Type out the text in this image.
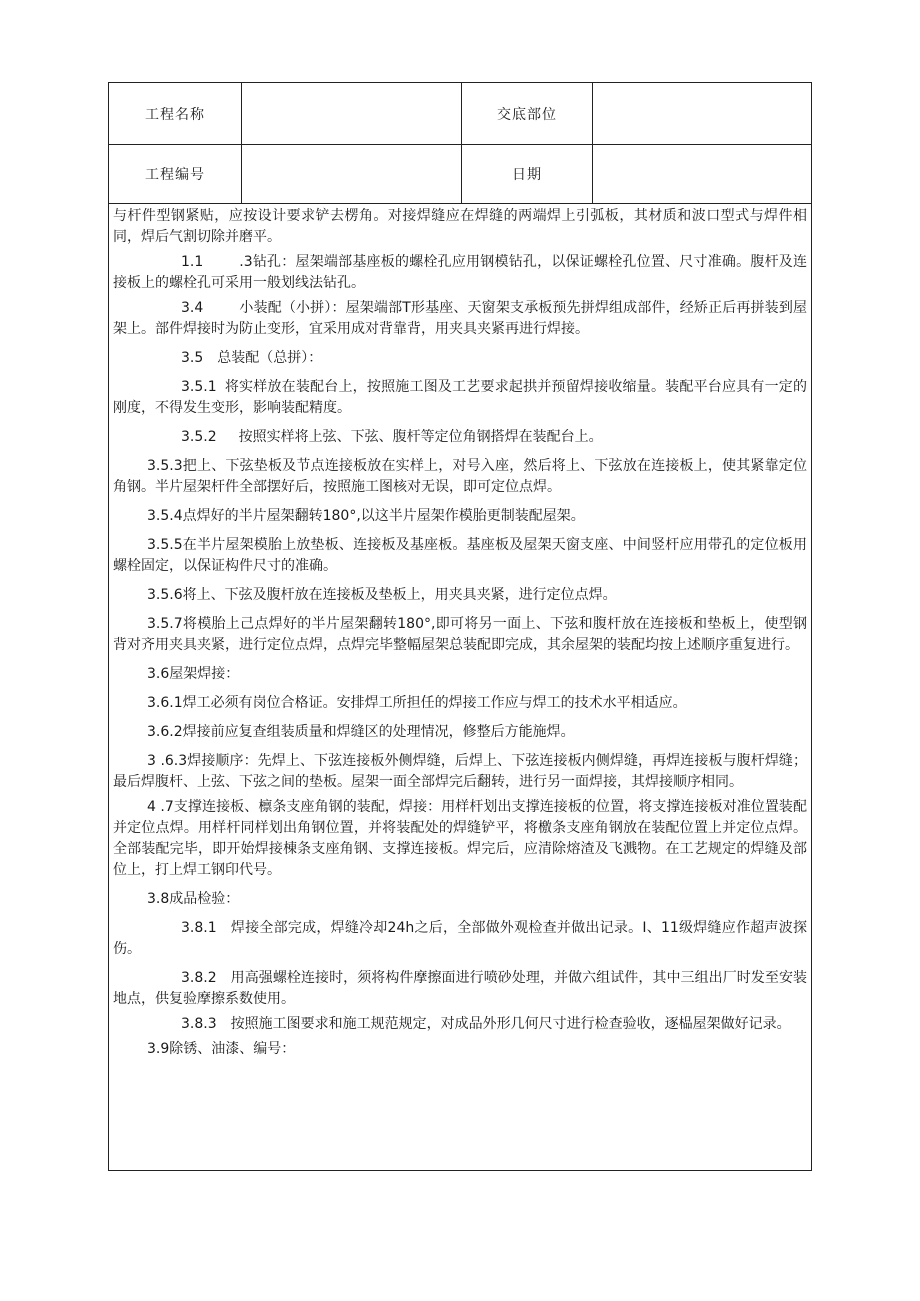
工程名称	交底部位
工程编号	日期

与杆件型钢紧贴，应按设计要求铲去楞角。对接焊缝应在焊缝的两端焊上引弧板，其材质和波口型式与焊件相同，焊后气割切除并磨平。

1.1	.3钻孔：屋架端部基座板的螺栓孔应用钢模钻孔，以保证螺栓孔位置、尺寸准确。腹杆及连接板上的螺栓孔可采用一般划线法钻孔。

3.4	小装配（小拼）：屋架端部T形基座、天窗架支承板预先拼焊组成部件，经矫正后再拼装到屋架上。部件焊接时为防止变形，宜采用成对背靠背，用夹具夹紧再进行焊接。

3.5 总装配（总拼）：

3.5.1 将实样放在装配台上，按照施工图及工艺要求起拱并预留焊接收缩量。装配平台应具有一定的刚度，不得发生变形，影响装配精度。

3.5.2 按照实样将上弦、下弦、腹杆等定位角钢搭焊在装配台上。

3.5.3把上、下弦垫板及节点连接板放在实样上，对号入座，然后将上、下弦放在连接板上，使其紧靠定位角钢。半片屋架杆件全部摆好后，按照施工图核对无误，即可定位点焊。

3.5.4点焊好的半片屋架翻转180°,以这半片屋架作模胎更制装配屋架。

3.5.5在半片屋架模胎上放垫板、连接板及基座板。基座板及屋架天窗支座、中间竖杆应用带孔的定位板用螺栓固定，以保证构件尺寸的准确。

3.5.6将上、下弦及腹杆放在连接板及垫板上，用夹具夹紧，进行定位点焊。

3.5.7将模胎上己点焊好的半片屋架翻转180°,即可将另一面上、下弦和腹杆放在连接板和垫板上，使型钢背对齐用夹具夹紧，进行定位点焊，点焊完毕整幅屋架总装配即完成，其余屋架的装配均按上述顺序重复进行。

3.6屋架焊接：

3.6.1焊工必须有岗位合格证。安排焊工所担任的焊接工作应与焊工的技术水平相适应。

3.6.2焊接前应复查组装质量和焊缝区的处理情况，修整后方能施焊。

3 .6.3焊接顺序：先焊上、下弦连接板外侧焊缝，后焊上、下弦连接板内侧焊缝，再焊连接板与腹杆焊缝；最后焊腹杆、上弦、下弦之间的垫板。屋架一面全部焊完后翻转，进行另一面焊接，其焊接顺序相同。

4 .7支撑连接板、檩条支座角钢的装配，焊接：用样杆划出支撑连接板的位置，将支撑连接板对准位置装配并定位点焊。用样杆同样划出角钢位置，并将装配处的焊缝铲平，将檄条支座角钢放在装配位置上并定位点焊。全部装配完毕，即开始焊接棟条支座角钢、支撑连接板。焊完后，应清除熔渣及飞溅物。在工艺规定的焊缝及部位上，打上焊工钢印代号。

3.8成品检验：

3.8.1 焊接全部完成，焊缝冷却24h之后，全部做外观检查并做出记录。I、11级焊缝应作超声波探伤。

3.8.2 用高强螺栓连接时，须将构件摩擦面进行喷砂处理，并做六组试件，其中三组出厂时发至安装地点，供复验摩擦系数使用。

3.8.3 按照施工图要求和施工规范规定，对成品外形几何尺寸进行检查验收，逐榀屋架做好记录。

3.9除锈、油漆、编号：
